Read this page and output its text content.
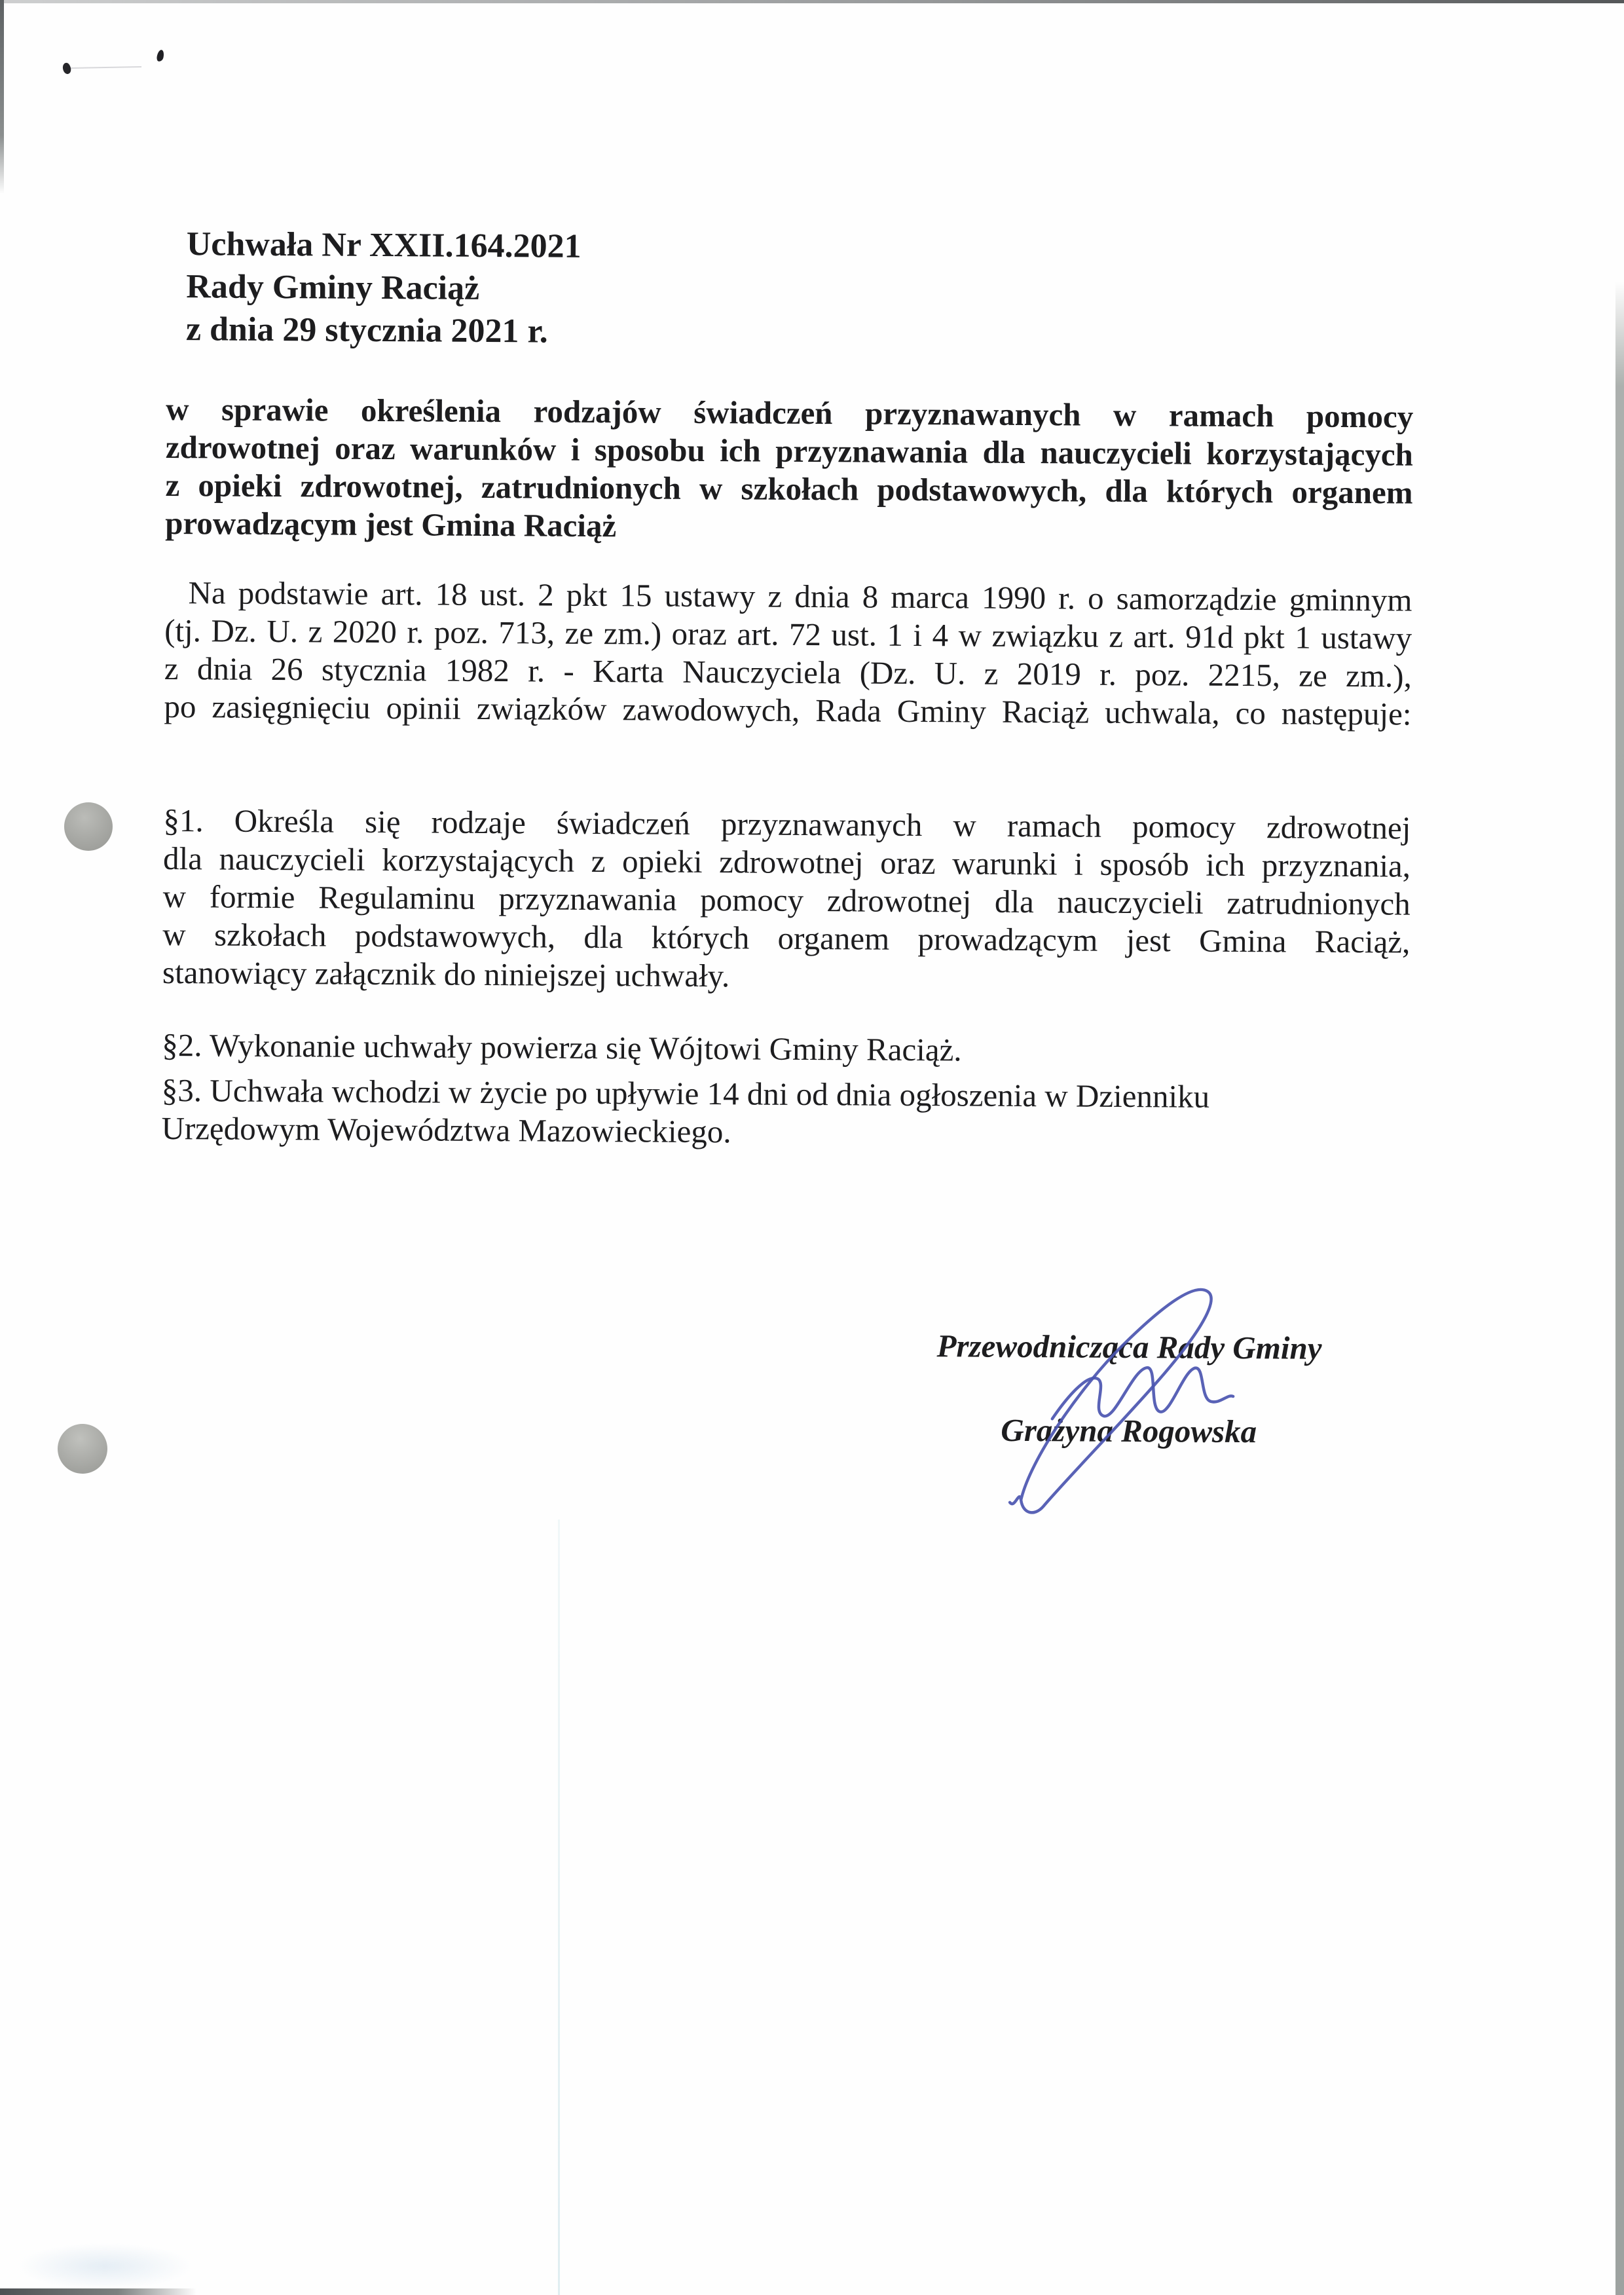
Uchwała Nr XXII.164.2021
Rady Gminy Raciąż
z dnia 29 stycznia 2021 r.
w sprawie określenia rodzajów świadczeń przyznawanych w ramach pomocy
zdrowotnej oraz warunków i sposobu ich przyznawania dla nauczycieli korzystających
z opieki zdrowotnej, zatrudnionych w szkołach podstawowych, dla których organem
prowadzącym jest Gmina Raciąż
Na podstawie art. 18 ust. 2 pkt 15 ustawy z dnia 8 marca 1990 r. o samorządzie gminnym
(tj. Dz. U. z 2020 r. poz. 713, ze zm.) oraz art. 72 ust. 1 i 4 w związku z art. 91d pkt 1 ustawy
z dnia 26 stycznia 1982 r. - Karta Nauczyciela (Dz. U. z 2019 r. poz. 2215, ze zm.),
po zasięgnięciu opinii związków zawodowych, Rada Gminy Raciąż uchwala, co następuje:
§1. Określa się rodzaje świadczeń przyznawanych w ramach pomocy zdrowotnej
dla nauczycieli korzystających z opieki zdrowotnej oraz warunki i sposób ich przyznania,
w formie Regulaminu przyznawania pomocy zdrowotnej dla nauczycieli zatrudnionych
w szkołach podstawowych, dla których organem prowadzącym jest Gmina Raciąż,
stanowiący załącznik do niniejszej uchwały.
§2. Wykonanie uchwały powierza się Wójtowi Gminy Raciąż.
§3. Uchwała wchodzi w życie po upływie 14 dni od dnia ogłoszenia w Dzienniku
Urzędowym Województwa Mazowieckiego.
Przewodnicząca Rady Gminy
Grażyna Rogowska
